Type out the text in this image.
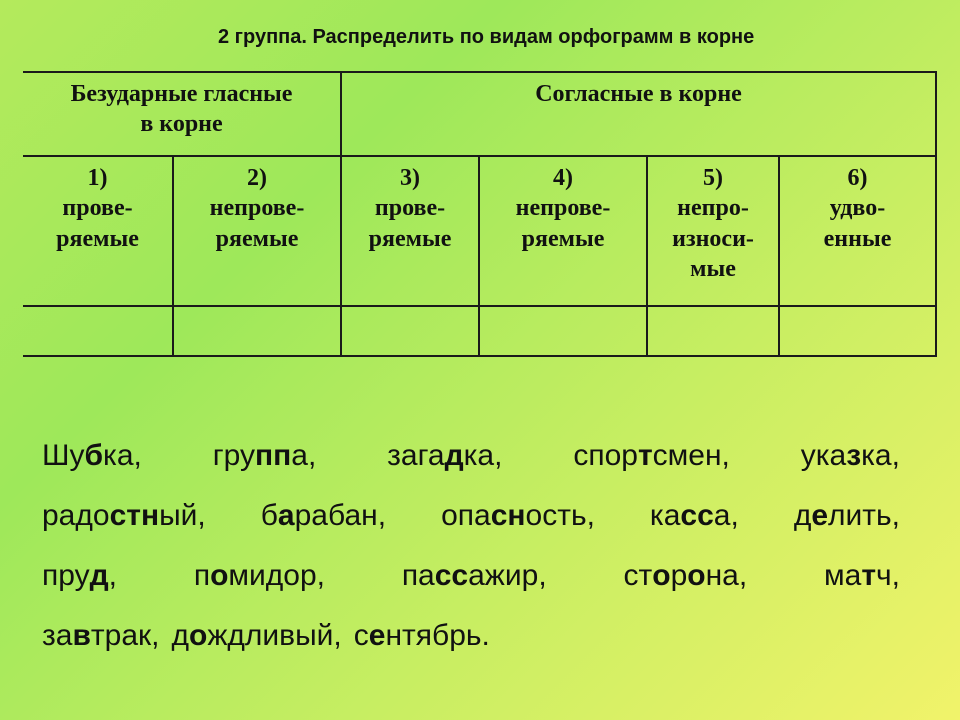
2 группа. Распределить по видам орфограмм в корне
Безударные гласные
в корне		Согласные в корне			

1)
прове-
ряемые	2)
непрове-
ряемые	3)
прове-
ряемые	4)
непрове-
ряемые	5)
непро-
износи-
мые	6)
удво-
енные

Шубка, группа, загадка, спортсмен, указка,
радостный, барабан, опасность, касса, делить,
пруд,	помидор,	пассажир,	сторона,	матч,
завтрак, дождливый, сентябрь.
